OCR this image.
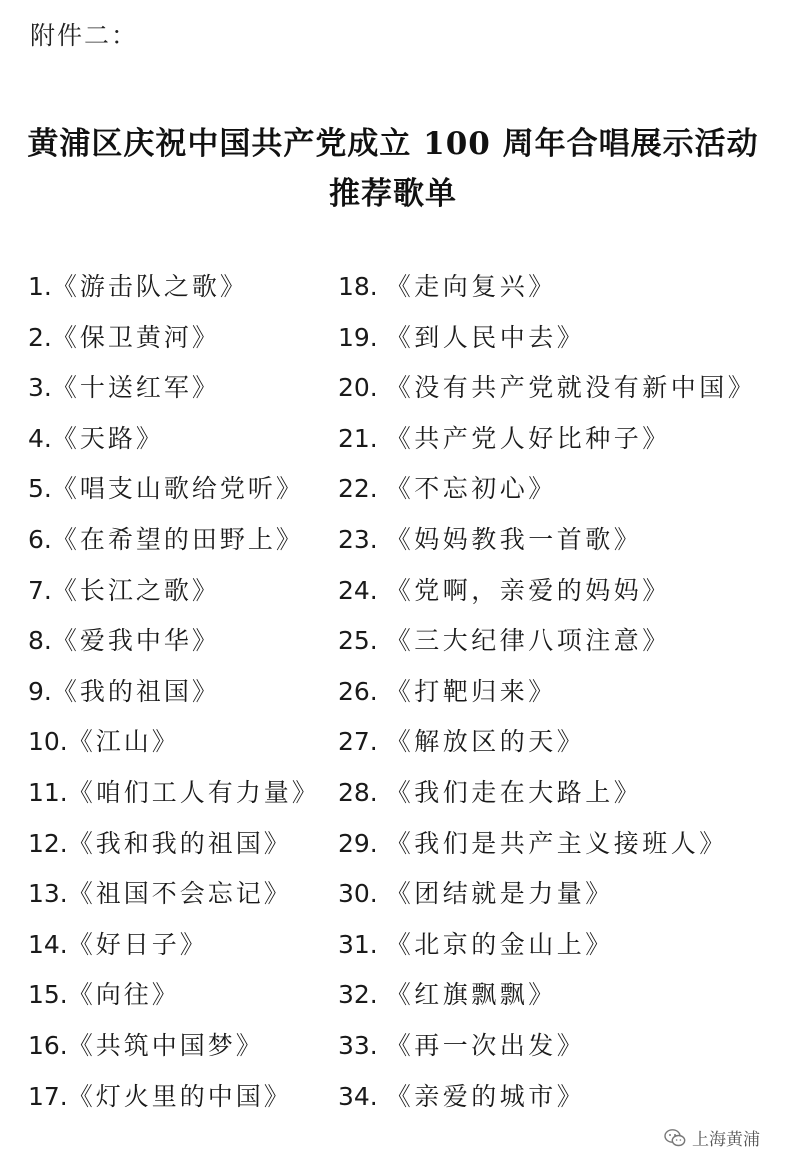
附件二：
黄浦区庆祝中国共产党成立 100 周年合唱展示活动
推荐歌单
1.《游击队之歌》
2.《保卫黄河》
3.《十送红军》
4.《天路》
5.《唱支山歌给党听》
6.《在希望的田野上》
7.《长江之歌》
8.《爱我中华》
9.《我的祖国》
10.《江山》
11.《咱们工人有力量》
12.《我和我的祖国》
13.《祖国不会忘记》
14.《好日子》
15.《向往》
16.《共筑中国梦》
17.《灯火里的中国》
18. 《走向复兴》
19. 《到人民中去》
20. 《没有共产党就没有新中国》
21. 《共产党人好比种子》
22. 《不忘初心》
23. 《妈妈教我一首歌》
24. 《党啊，亲爱的妈妈》
25. 《三大纪律八项注意》
26. 《打靶归来》
27. 《解放区的天》
28. 《我们走在大路上》
29. 《我们是共产主义接班人》
30. 《团结就是力量》
31. 《北京的金山上》
32. 《红旗飘飘》
33. 《再一次出发》
34. 《亲爱的城市》
上海黄浦
